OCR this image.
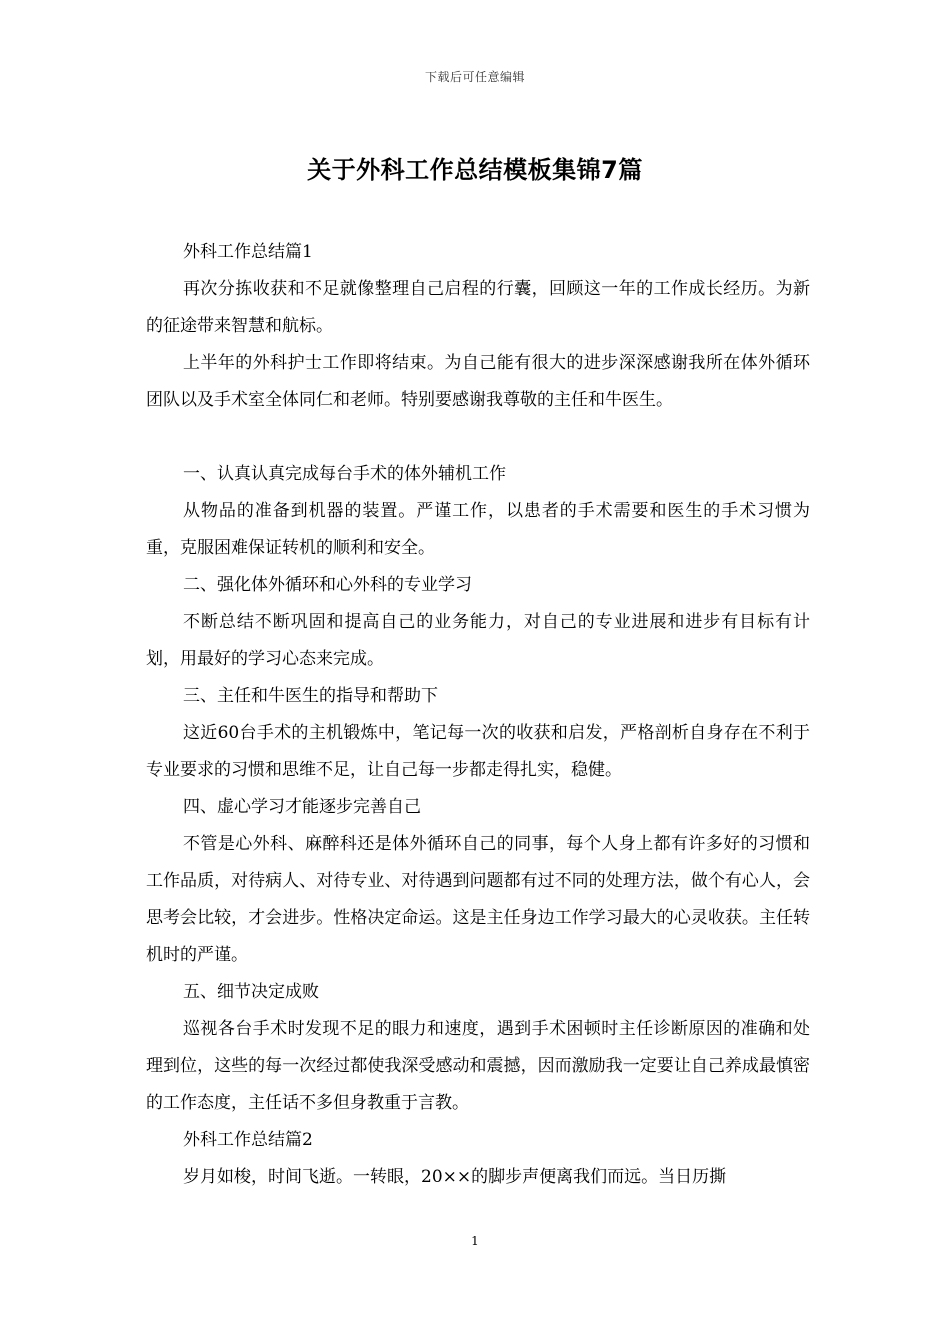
下载后可任意编辑
关于外科工作总结模板集锦7篇

外科工作总结篇1

再次分拣收获和不足就像整理自己启程的行囊，回顾这一年的工作成长经历。为新的征途带来智慧和航标。

上半年的外科护士工作即将结束。为自己能有很大的进步深深感谢我所在体外循环团队以及手术室全体同仁和老师。特别要感谢我尊敬的主任和牛医生。

一、认真认真完成每台手术的体外辅机工作

从物品的准备到机器的装置。严谨工作，以患者的手术需要和医生的手术习惯为重，克服困难保证转机的顺利和安全。

二、强化体外循环和心外科的专业学习

不断总结不断巩固和提高自己的业务能力，对自己的专业进展和进步有目标有计划，用最好的学习心态来完成。

三、主任和牛医生的指导和帮助下

这近60台手术的主机锻炼中，笔记每一次的收获和启发，严格剖析自身存在不利于专业要求的习惯和思维不足，让自己每一步都走得扎实，稳健。

四、虚心学习才能逐步完善自己

不管是心外科、麻醉科还是体外循环自己的同事，每个人身上都有许多好的习惯和工作品质，对待病人、对待专业、对待遇到问题都有过不同的处理方法，做个有心人，会思考会比较，才会进步。性格决定命运。这是主任身边工作学习最大的心灵收获。主任转机时的严谨。

五、细节决定成败

巡视各台手术时发现不足的眼力和速度，遇到手术困顿时主任诊断原因的准确和处理到位，这些的每一次经过都使我深受感动和震撼，因而激励我一定要让自己养成最慎密的工作态度，主任话不多但身教重于言教。

外科工作总结篇2

岁月如梭，时间飞逝。一转眼，20××的脚步声便离我们而远。当日历撕

1
